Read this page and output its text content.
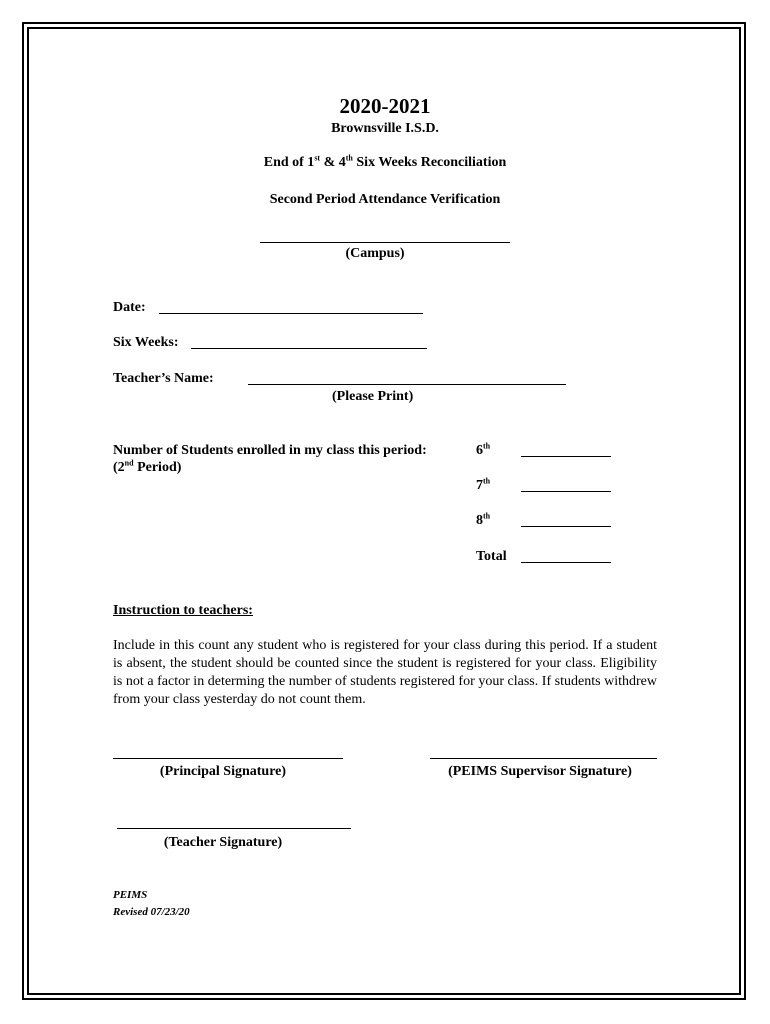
2020-2021
Brownsville I.S.D.
End of 1st & 4th Six Weeks Reconciliation
Second Period Attendance Verification
(Campus)
Date:
Six Weeks:
Teacher’s Name:
(Please Print)
Number of Students enrolled in my class this period:
(2nd Period)
6th
7th
8th
Total
Instruction to teachers:
Include in this count any student who is registered for your class during this period. If a student is absent, the student should be counted since the student is registered for your class. Eligibility is not a factor in determing the number of students registered for your class. If students withdrew from your class yesterday do not count them.
(Principal Signature)	(PEIMS Supervisor Signature)
(Teacher Signature)
PEIMS
Revised 07/23/20
